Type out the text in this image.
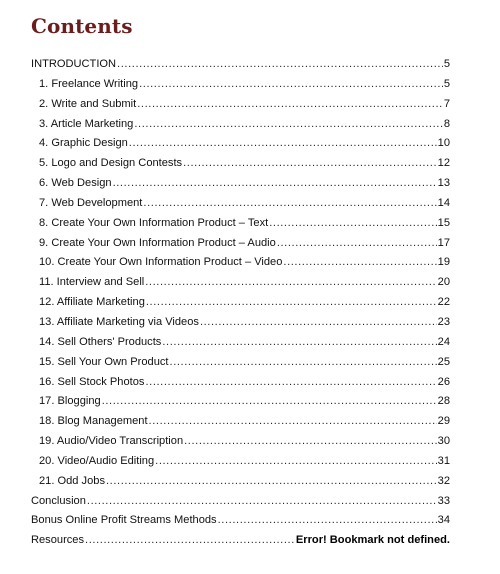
Contents
INTRODUCTION .....	5
1. Freelance Writing .....	5
2. Write and Submit .....	7
3. Article Marketing .....	8
4. Graphic Design .....	10
5. Logo and Design Contests .....	12
6. Web Design .....	13
7. Web Development .....	14
8. Create Your Own Information Product – Text .....	15
9. Create Your Own Information Product – Audio .....	17
10. Create Your Own Information Product – Video .....	19
11. Interview and Sell .....	20
12. Affiliate Marketing .....	22
13. Affiliate Marketing via Videos .....	23
14. Sell Others' Products .....	24
15. Sell Your Own Product .....	25
16. Sell Stock Photos .....	26
17. Blogging .....	28
18. Blog Management .....	29
19. Audio/Video Transcription .....	30
20. Video/Audio Editing .....	31
21. Odd Jobs .....	32
Conclusion .....	33
Bonus Online Profit Streams Methods .....	34
Resources .....	Error! Bookmark not defined.
